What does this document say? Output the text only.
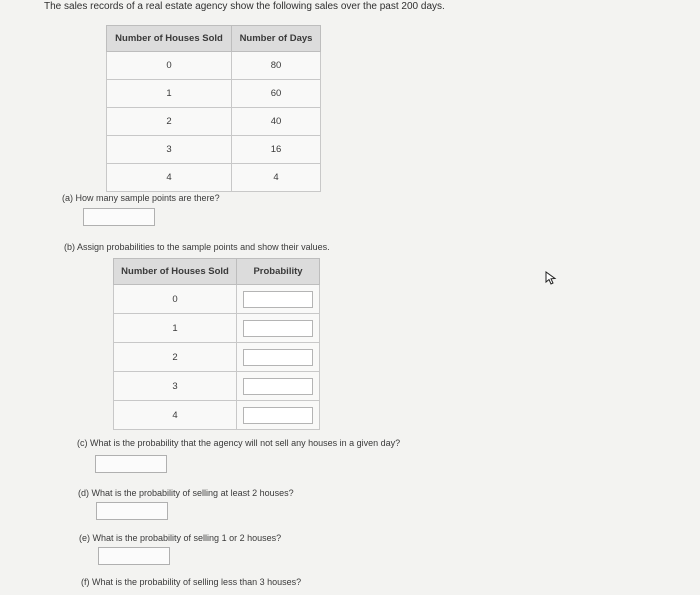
The sales records of a real estate agency show the following sales over the past 200 days.
Number of Houses Sold	Number of Days
0	80
1	60
2	40
3	16
4	4
(a) How many sample points are there?
(b) Assign probabilities to the sample points and show their values.
Number of Houses Sold	Probability
0	

1	

2	

3	

4	
(c) What is the probability that the agency will not sell any houses in a given day?
(d) What is the probability of selling at least 2 houses?
(e) What is the probability of selling 1 or 2 houses?
(f) What is the probability of selling less than 3 houses?
